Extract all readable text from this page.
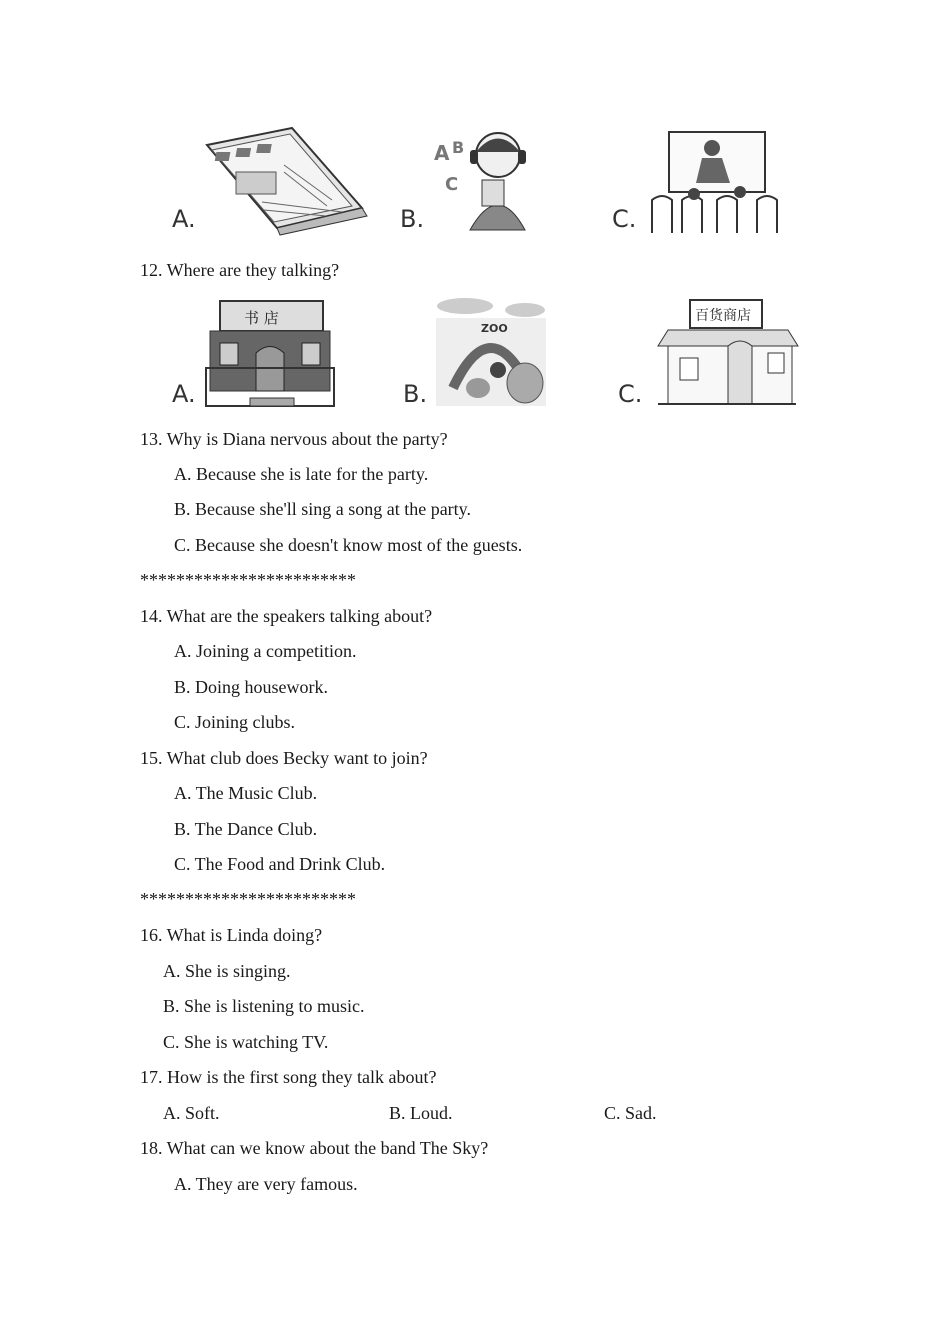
A.	B.
A B
C
C.
12. Where are they talking?
A.
书 店
B.
ZOO
C.
百货商店
13. Why is Diana nervous about the party?
A. Because she is late for the party.
B. Because she'll sing a song at the party.
C. Because she doesn't know most of the guests.
************************
14. What are the speakers talking about?
A. Joining a competition.
B. Doing housework.
C. Joining clubs.
15. What club does Becky want to join?
A. The Music Club.
B. The Dance Club.
C. The Food and Drink Club.
************************
16. What is Linda doing?
A. She is singing.
B. She is listening to music.
C. She is watching TV.
17. How is the first song they talk about?
A. Soft.	B. Loud.	C. Sad.
18. What can we know about the band The Sky?
A. They are very famous.
